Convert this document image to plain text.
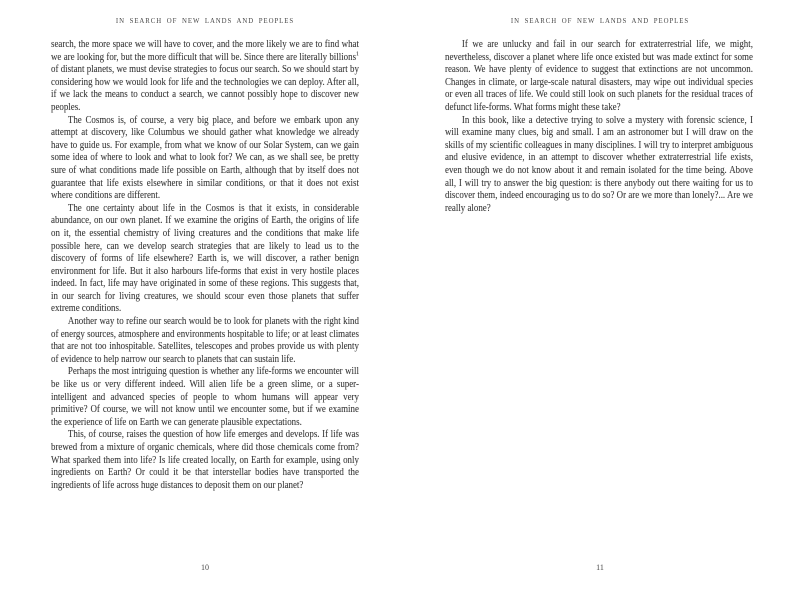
IN SEARCH OF NEW LANDS AND PEOPLES

search, the more space we will have to cover, and the more likely we are to find what we are looking for, but the more difficult that will be. Since there are literally billions$^1$ of distant planets, we must devise strategies to focus our search. So we should start by considering how we would look for life and the technologies we can deploy. After all, if we lack the means to conduct a search, we cannot possibly hope to discover new peoples.

The Cosmos is, of course, a very big place, and before we embark upon any attempt at discovery, like Columbus we should gather what knowledge we already have to guide us. For example, from what we know of our Solar System, can we gain some idea of where to look and what to look for? We can, as we shall see, be pretty sure of what conditions made life possible on Earth, although that by itself does not guarantee that life exists elsewhere in similar conditions, or that it does not exist where conditions are different.

The one certainty about life in the Cosmos is that it exists, in considerable abundance, on our own planet. If we examine the origins of Earth, the origins of life on it, the essential chemistry of living creatures and the conditions that make life possible here, can we develop search strategies that are likely to lead us to the discovery of forms of life elsewhere? Earth is, we will discover, a rather benign environment for life. But it also harbours life-forms that exist in very hostile places indeed. In fact, life may have originated in some of these regions. This suggests that, in our search for living creatures, we should scour even those planets that suffer extreme conditions.

Another way to refine our search would be to look for planets with the right kind of energy sources, atmosphere and environments hospitable to life; or at least climates that are not too inhospitable. Satellites, telescopes and probes provide us with plenty of evidence to help narrow our search to planets that can sustain life.

Perhaps the most intriguing question is whether any life-forms we encounter will be like us or very different indeed. Will alien life be a green slime, or a super-intelligent and advanced species of people to whom humans will appear very primitive? Of course, we will not know until we encounter some, but if we examine the experience of life on Earth we can generate plausible expectations.

This, of course, raises the question of how life emerges and develops. If life was brewed from a mixture of organic chemicals, where did those chemicals come from? What sparked them into life? Is life created locally, on Earth for example, using only ingredients on Earth? Or could it be that interstellar bodies have transported the ingredients of life across huge distances to deposit them on our planet?

10
IN SEARCH OF NEW LANDS AND PEOPLES

If we are unlucky and fail in our search for extraterrestrial life, we might, nevertheless, discover a planet where life once existed but was made extinct for some reason. We have plenty of evidence to suggest that extinctions are not uncommon. Changes in climate, or large-scale natural disasters, may wipe out individual species or even all traces of life. We could still look on such planets for the residual traces of defunct life-forms. What forms might these take?

In this book, like a detective trying to solve a mystery with forensic science, I will examine many clues, big and small. I am an astronomer but I will draw on the skills of my scientific colleagues in many disciplines. I will try to interpret ambiguous and elusive evidence, in an attempt to discover whether extraterrestrial life exists, even though we do not know about it and remain isolated for the time being. Above all, I will try to answer the big question: is there anybody out there waiting for us to discover them, indeed encouraging us to do so? Or are we more than lonely?... Are we really alone?

11
